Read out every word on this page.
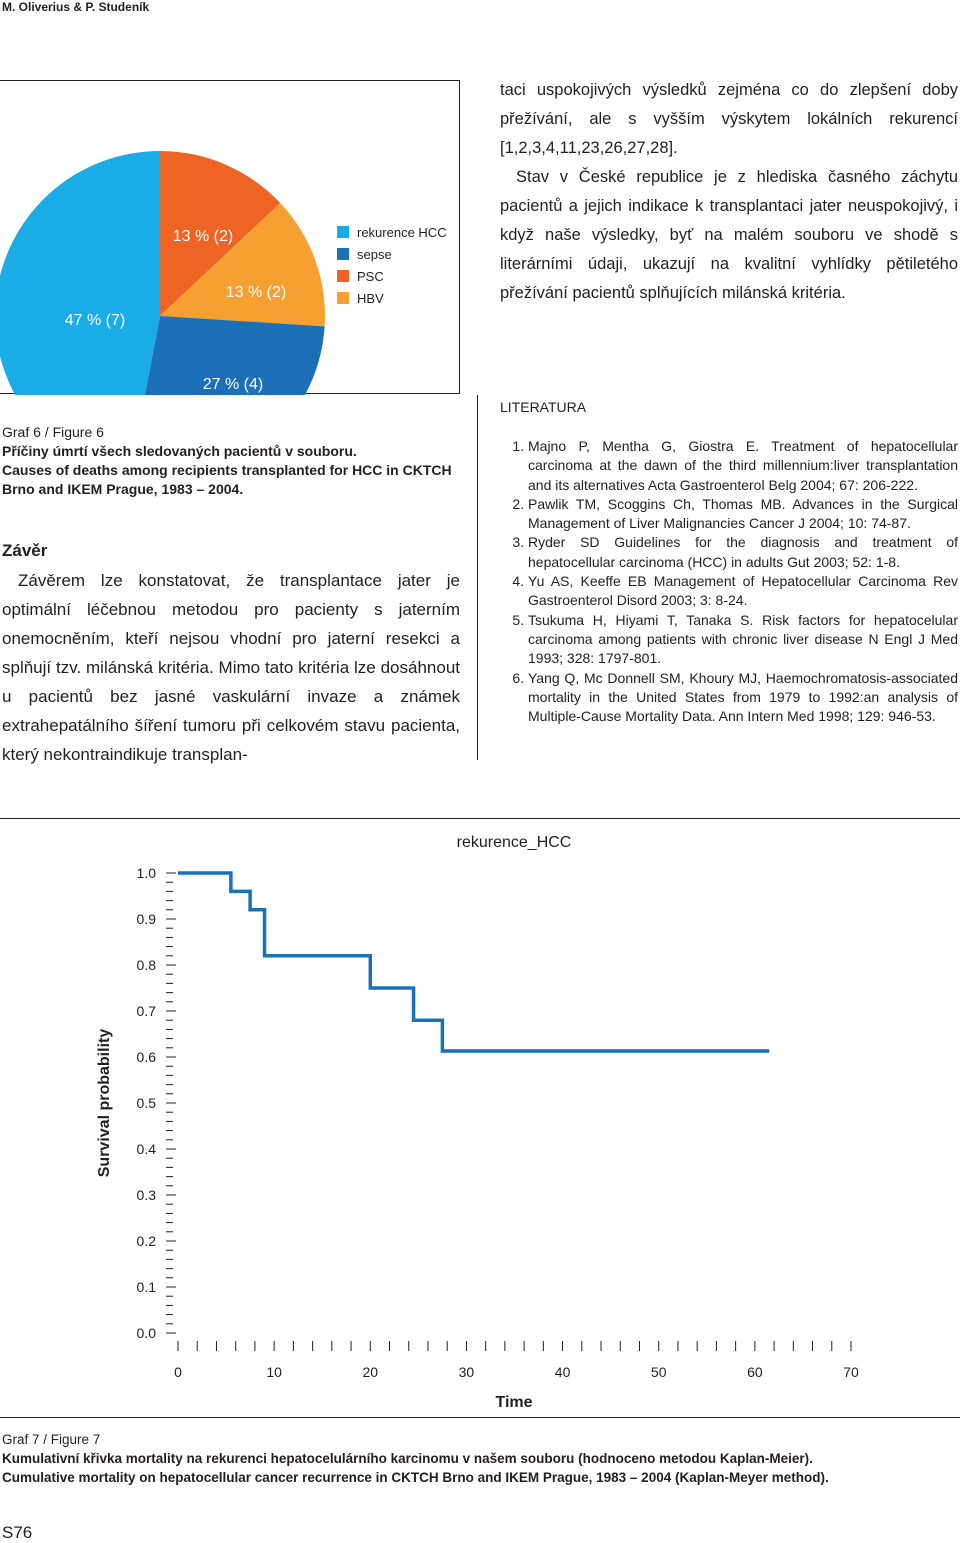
M. Oliverius & P. Studeník
13 % (2)
13 % (2)
27 % (4)
47 % (7)
rekurence HCC
sepse
PSC
HBV

taci uspokojivých výsledků zejména co do zlepšení doby přežívání, ale s vyšším výskytem lokálních rekurencí [1,2,3,4,11,23,26,27,28].

Stav v České republice je z hlediska časného záchytu pacientů a jejich indikace k transplantaci jater neuspokojivý, i když naše výsledky, byť na malém souboru ve shodě s literárními údaji, ukazují na kvalitní vyhlídky pětiletého přežívání pacientů splňujících milánská kritéria.

Graf 6 / Figure 6
Příčiny úmrtí všech sledovaných pacientů v souboru.
Causes of deaths among recipients transplanted for HCC in CKTCH Brno and IKEM Prague, 1983 – 2004.
Závěr

Závěrem lze konstatovat, že transplantace jater je optimální léčebnou metodou pro pacienty s jaterním onemocněním, kteří nejsou vhodní pro jaterní resekci a splňují tzv. milánská kritéria. Mimo tato kritéria lze dosáhnout u pacientů bez jasné vaskulární invaze a známek extrahepatálního šíření tumoru při celkovém stavu pacienta, který nekontraindikuje transplan-

LITERATURA
1. Majno P, Mentha G, Giostra E. Treatment of hepatocellular carcinoma at the dawn of the third millennium:liver transplantation and its alternatives Acta Gastroenterol Belg 2004; 67: 206-222.
2. Pawlik TM, Scoggins Ch, Thomas MB. Advances in the Surgical Management of Liver Malignancies Cancer J 2004; 10: 74-87.
3. Ryder SD Guidelines for the diagnosis and treatment of hepatocellular carcinoma (HCC) in adults Gut 2003; 52: 1-8.
4. Yu AS, Keeffe EB Management of Hepatocellular Carcinoma Rev Gastroenterol Disord 2003; 3: 8-24.
5. Tsukuma H, Hiyami T, Tanaka S. Risk factors for hepatocelular carcinoma among patients with chronic liver disease N Engl J Med 1993; 328: 1797-801.
6. Yang Q, Mc Donnell SM, Khoury MJ, Haemochromatosis-associated mortality in the United States from 1979 to 1992:an analysis of Multiple-Cause Mortality Data. Ann Intern Med 1998; 129: 946-53.
rekurence_HCC
0.0
0.1
0.2
0.3
0.4
0.5
0.6
0.7
0.8
0.9
1.0
0	10	20	30	40	50	60	70
Time
Survival probability
Graf 7 / Figure 7
Kumulativní křivka mortality na rekurenci hepatocelulárního karcinomu v našem souboru (hodnoceno metodou Kaplan-Meier).
Cumulative mortality on hepatocellular cancer recurrence in CKTCH Brno and IKEM Prague, 1983 – 2004 (Kaplan-Meyer method).
S76
